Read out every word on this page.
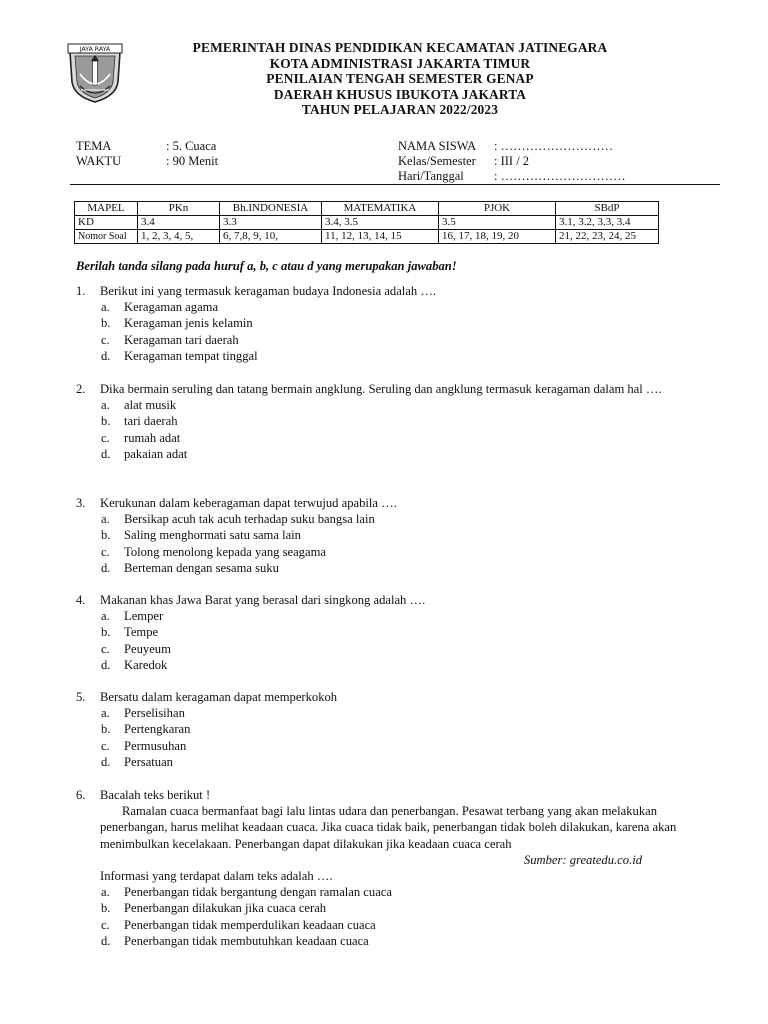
JAYA RAYA	PEMERINTAH DINAS PENDIDIKAN KECAMATAN JATINEGARA
KOTA ADMINISTRASI JAKARTA TIMUR
PENILAIAN TENGAH SEMESTER GENAP
DAERAH KHUSUS IBUKOTA JAKARTA
TAHUN PELAJARAN 2022/2023
TEMA	: 5. Cuaca
WAKTU	: 90 Menit
NAMA SISWA : ………………………
Kelas/Semester : III / 2
Hari/Tanggal : …………………………
MAPEL	PKn	Bh.INDONESIA	MATEMATIKA	PJOK	SBdP
KD	3.4	3.3	3.4, 3.5	3.5	3.1, 3.2, 3.3, 3.4
Nomor Soal	1, 2, 3, 4, 5,	6, 7,8, 9, 10,	11, 12, 13, 14, 15	16, 17, 18, 19, 20	21, 22, 23, 24, 25
Berilah tanda silang pada huruf a, b, c atau d yang merupakan jawaban!
1. Berikut ini yang termasuk keragaman budaya Indonesia adalah ….
a. Keragaman agama
b. Keragaman jenis kelamin
c. Keragaman tari daerah
d. Keragaman tempat tinggal
2. Dika bermain seruling dan tatang bermain angklung. Seruling dan angklung termasuk keragaman dalam hal ….
a. alat musik
b. tari daerah
c. rumah adat
d. pakaian adat
3. Kerukunan dalam keberagaman dapat terwujud apabila ….
a. Bersikap acuh tak acuh terhadap suku bangsa lain
b. Saling menghormati satu sama lain
c. Tolong menolong kepada yang seagama
d. Berteman dengan sesama suku
4. Makanan khas Jawa Barat yang berasal dari singkong adalah ….
a. Lemper
b. Tempe
c. Peuyeum
d. Karedok
5. Bersatu dalam keragaman dapat memperkokoh
a. Perselisihan
b. Pertengkaran
c. Permusuhan
d. Persatuan
6. Bacalah teks berikut !
Ramalan cuaca bermanfaat bagi lalu lintas udara dan penerbangan. Pesawat terbang yang akan melakukan penerbangan, harus melihat keadaan cuaca. Jika cuaca tidak baik, penerbangan tidak boleh dilakukan, karena akan menimbulkan kecelakaan. Penerbangan dapat dilakukan jika keadaan cuaca cerah
Sumber: greatedu.co.id
Informasi yang terdapat dalam teks adalah ….
a. Penerbangan tidak bergantung dengan ramalan cuaca
b. Penerbangan dilakukan jika cuaca cerah
c. Penerbangan tidak memperdulikan keadaan cuaca
d. Penerbangan tidak membutuhkan keadaan cuaca
